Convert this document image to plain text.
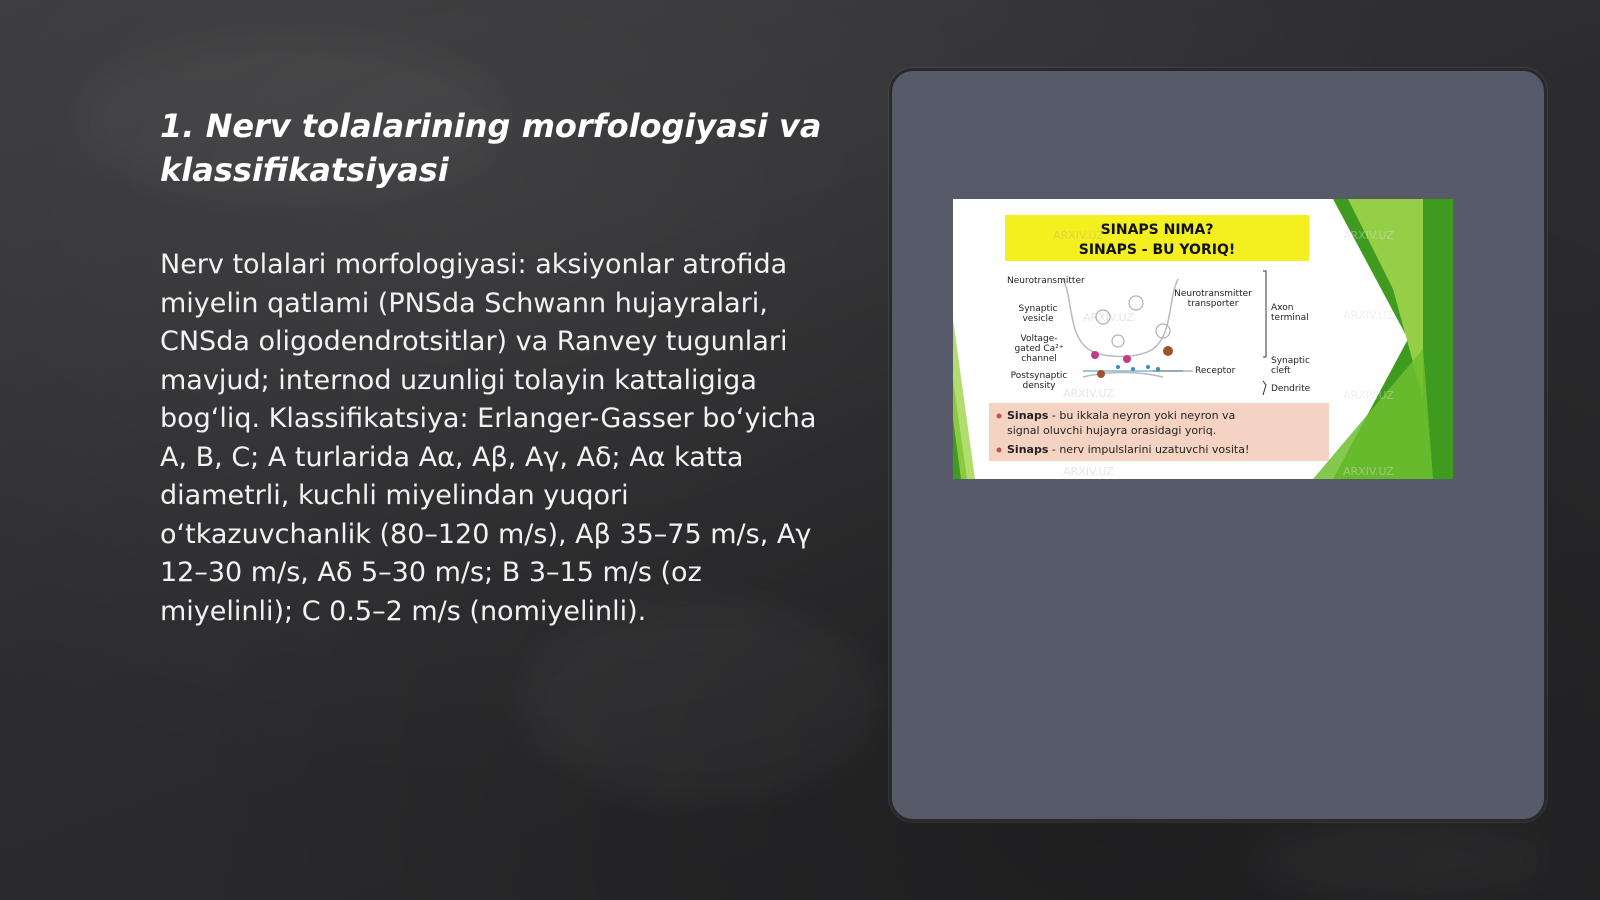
1. Nerv tolalarining morfologiyasi va klassifikatsiyasi

Nerv tolalari morfologiyasi: aksiyonlar atrofida miyelin qatlami (PNSda Schwann hujayralari, CNSda oligodendrotsitlar) va Ranvey tugunlari mavjud; internod uzunligi tolayin kattaligiga bog‘liq. Klassifikatsiya: Erlanger-Gasser bo‘yicha A, B, C; A turlarida Aα, Aβ, Aγ, Aδ; Aα katta diametrli, kuchli miyelindan yuqori o‘tkazuvchanlik (80–120 m/s), Aβ 35–75 m/s, Aγ 12–30 m/s, Aδ 5–30 m/s; B 3–15 m/s (oz miyelinli); C 0.5–2 m/s (nomiyelinli).

SINAPS NIMA?
SINAPS - BU YORIQ!
Neurotransmitter
Synaptic
vesicle
Voltage-
gated Ca²⁺
channel
Postsynaptic
density
Neurotransmitter
transporter
Receptor
Axon
terminal
Synaptic
cleft
Dendrite
Sinaps - bu ikkala neyron yoki neyron va
signal oluvchi hujayra orasidagi yoriq.
Sinaps - nerv impulslarini uzatuvchi vosita!
ARXIV.UZ	ARXIV.UZ
ARXIV.UZ	ARXIV.UZ
ARXIV.UZ	ARXIV.UZ
ARXIV.UZ	ARXIV.UZ
